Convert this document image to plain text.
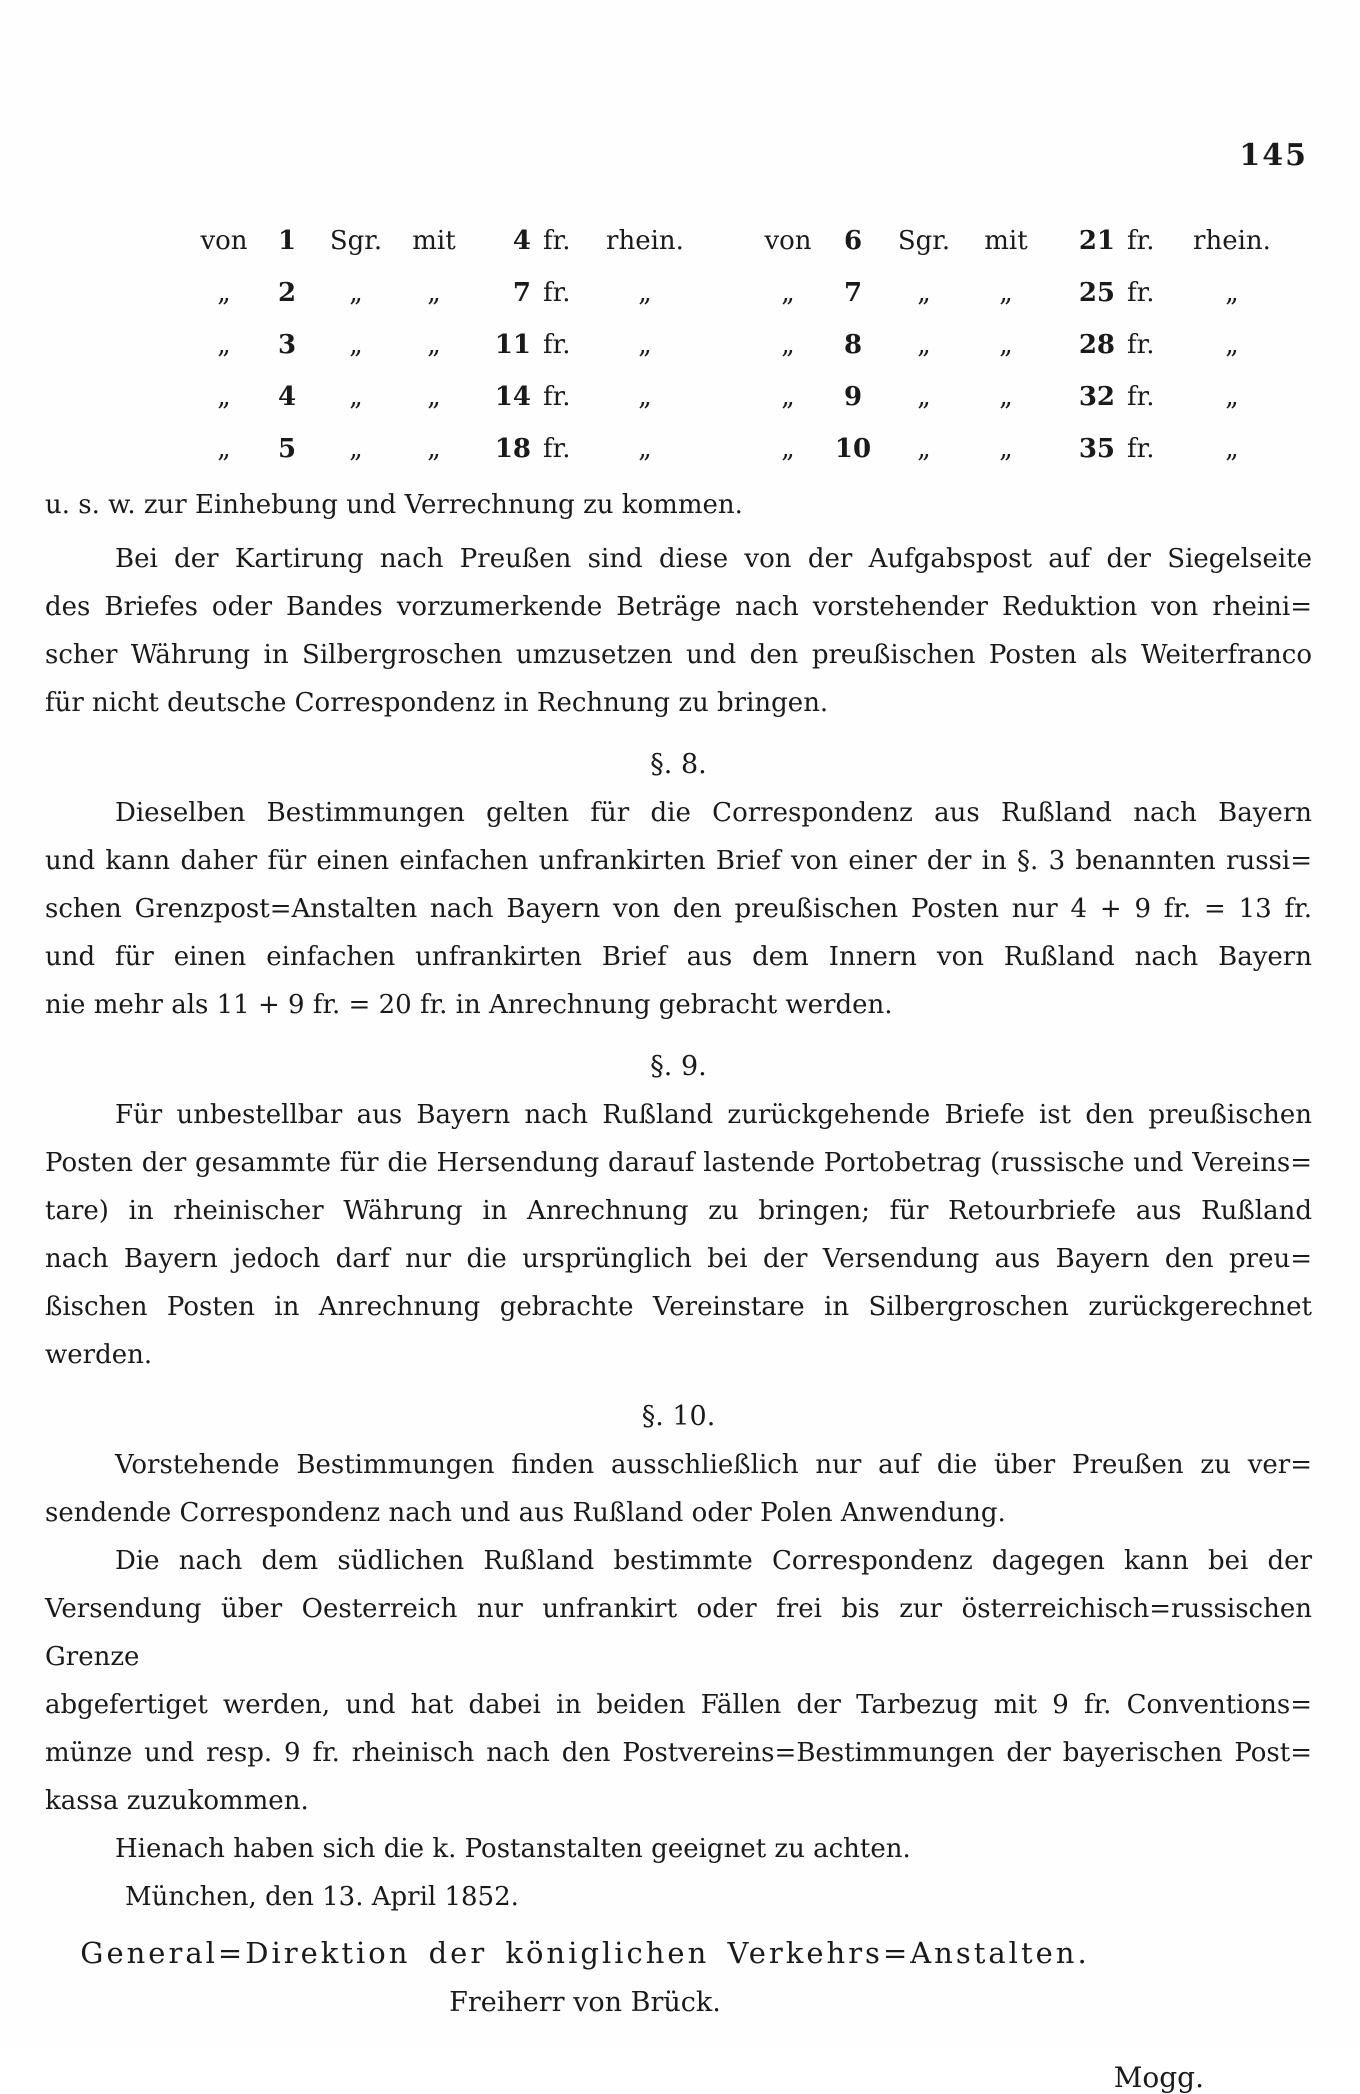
145
von	1	Sgr.	mit	4 fr.	rhein.
„	2	„	„	7 fr.	„
„	3	„	„	11 fr.	„
„	4	„	„	14 fr.	„
„	5	„	„	18 fr.	„
von	6	Sgr.	mit	21 fr.	rhein.
„	7	„	„	25 fr.	„
„	8	„	„	28 fr.	„
„	9	„	„	32 fr.	„
„	10	„	„	35 fr.	„
u. s. w. zur Einhebung und Verrechnung zu kommen.
Bei der Kartirung nach Preußen sind diese von der Aufgabspost auf der Siegelseite
des Briefes oder Bandes vorzumerkende Beträge nach vorstehender Reduktion von rheini=
scher Währung in Silbergroschen umzusetzen und den preußischen Posten als Weiterfranco
für nicht deutsche Correspondenz in Rechnung zu bringen.
§. 8.
Dieselben Bestimmungen gelten für die Correspondenz aus Rußland nach Bayern
und kann daher für einen einfachen unfrankirten Brief von einer der in §. 3 benannten russi=
schen Grenzpost=Anstalten nach Bayern von den preußischen Posten nur 4 + 9 fr. = 13 fr.
und für einen einfachen unfrankirten Brief aus dem Innern von Rußland nach Bayern
nie mehr als 11 + 9 fr. = 20 fr. in Anrechnung gebracht werden.
§. 9.
Für unbestellbar aus Bayern nach Rußland zurückgehende Briefe ist den preußischen
Posten der gesammte für die Hersendung darauf lastende Portobetrag (russische und Vereins=
tare) in rheinischer Währung in Anrechnung zu bringen; für Retourbriefe aus Rußland
nach Bayern jedoch darf nur die ursprünglich bei der Versendung aus Bayern den preu=
ßischen Posten in Anrechnung gebrachte Vereinstare in Silbergroschen zurückgerechnet
werden.
§. 10.
Vorstehende Bestimmungen finden ausschließlich nur auf die über Preußen zu ver=
sendende Correspondenz nach und aus Rußland oder Polen Anwendung.
Die nach dem südlichen Rußland bestimmte Correspondenz dagegen kann bei der
Versendung über Oesterreich nur unfrankirt oder frei bis zur österreichisch=russischen Grenze
abgefertiget werden, und hat dabei in beiden Fällen der Tarbezug mit 9 fr. Conventions=
münze und resp. 9 fr. rheinisch nach den Postvereins=Bestimmungen der bayerischen Post=
kassa zuzukommen.
Hienach haben sich die k. Postanstalten geeignet zu achten.
München, den 13. April 1852.
General=Direktion der königlichen Verkehrs=Anstalten.
Freiherr von Brück.
Mogg.
